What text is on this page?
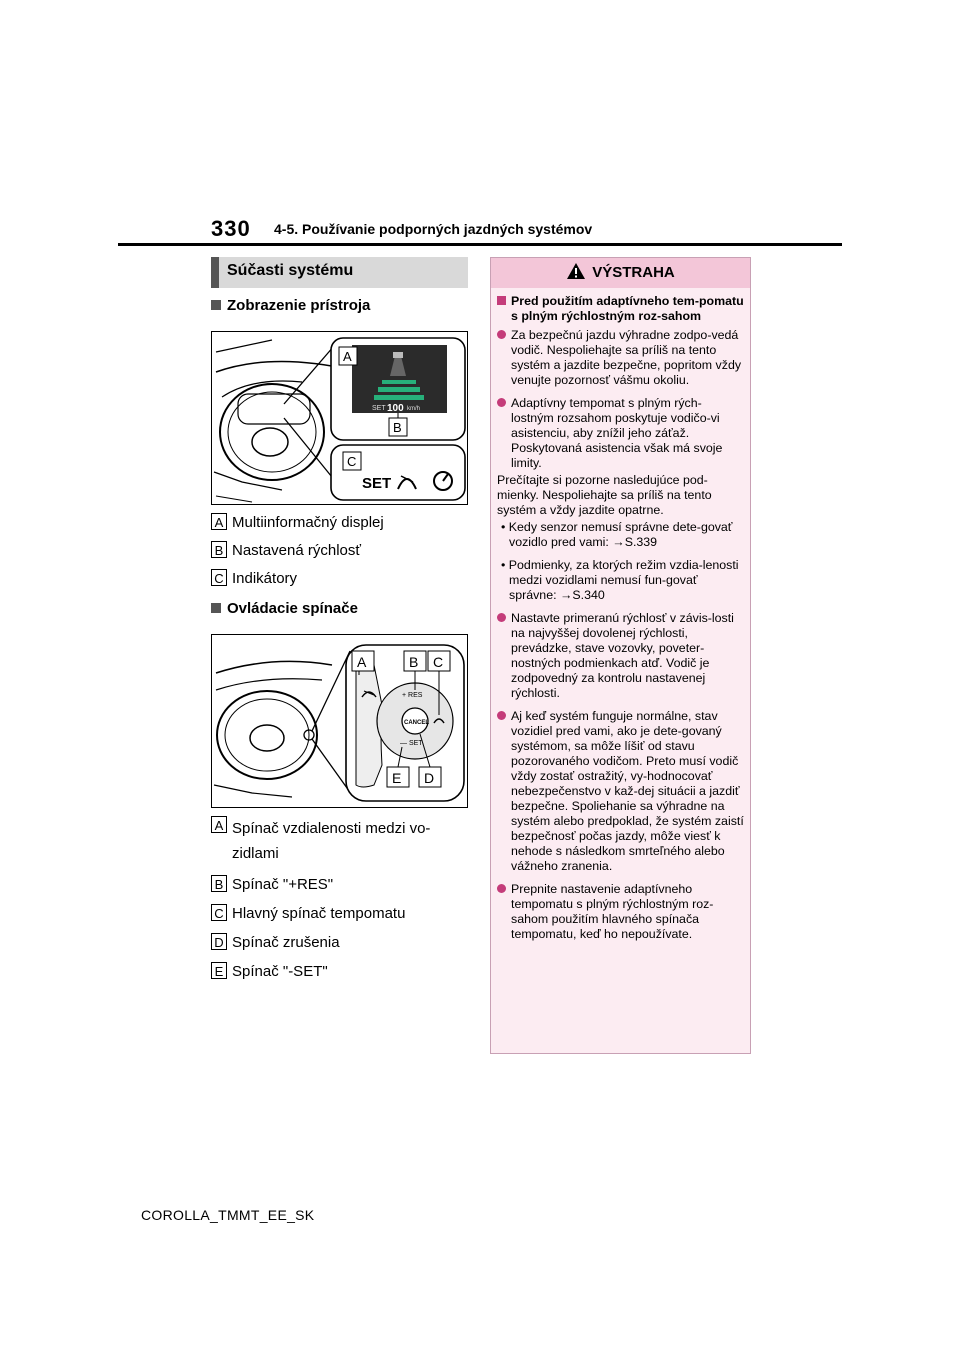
330 4-5. Používanie podporných jazdných systémov
Súčasti systému
Zobrazenie prístroja
SET 100 km/h
A
B
C
SET
A Multiinformačný displej
B Nastavená rýchlosť
C Indikátory
Ovládacie spínače
+ RES
— SET
CANCEL
A	B C
E D
A Spínač vzdialenosti medzi vo-zidlami
B Spínač "+RES"
C Hlavný spínač tempomatu
D Spínač zrušenia
E Spínač "-SET"
VÝSTRAHA
Pred použitím adaptívneho tem-pomatu s plným rýchlostným roz-sahom
Za bezpečnú jazdu výhradne zodpo-vedá vodič. Nespoliehajte sa príliš na tento systém a jazdite bezpečne, popritom vždy venujte pozornosť vášmu okoliu.
Adaptívny tempomat s plným rých-lostným rozsahom poskytuje vodičo-vi asistenciu, aby znížil jeho záťaž. Poskytovaná asistencia však má svoje limity.
Prečítajte si pozorne nasledujúce pod-mienky. Nespoliehajte sa príliš na tento systém a vždy jazdite opatrne.
• Kedy senzor nemusí správne dete-govať vozidlo pred vami: →S.339
• Podmienky, za ktorých režim vzdia-lenosti medzi vozidlami nemusí fun-govať správne: →S.340
Nastavte primeranú rýchlosť v závis-losti na najvyššej dovolenej rýchlosti, prevádzke, stave vozovky, poveter-nostných podmienkach atď. Vodič je zodpovedný za kontrolu nastavenej rýchlosti.
Aj keď systém funguje normálne, stav vozidiel pred vami, ako je dete-govaný systémom, sa môže líšiť od stavu pozorovaného vodičom. Preto musí vodič vždy zostať ostražitý, vy-hodnocovať nebezpečenstvo v kaž-dej situácii a jazdiť bezpečne. Spoliehanie sa výhradne na systém alebo predpoklad, že systém zaistí bezpečnosť počas jazdy, môže viesť k nehode s následkom smrteľného alebo vážneho zranenia.
Prepnite nastavenie adaptívneho tempomatu s plným rýchlostným roz-sahom použitím hlavného spínača tempomatu, keď ho nepoužívate.
COROLLA_TMMT_EE_SK
